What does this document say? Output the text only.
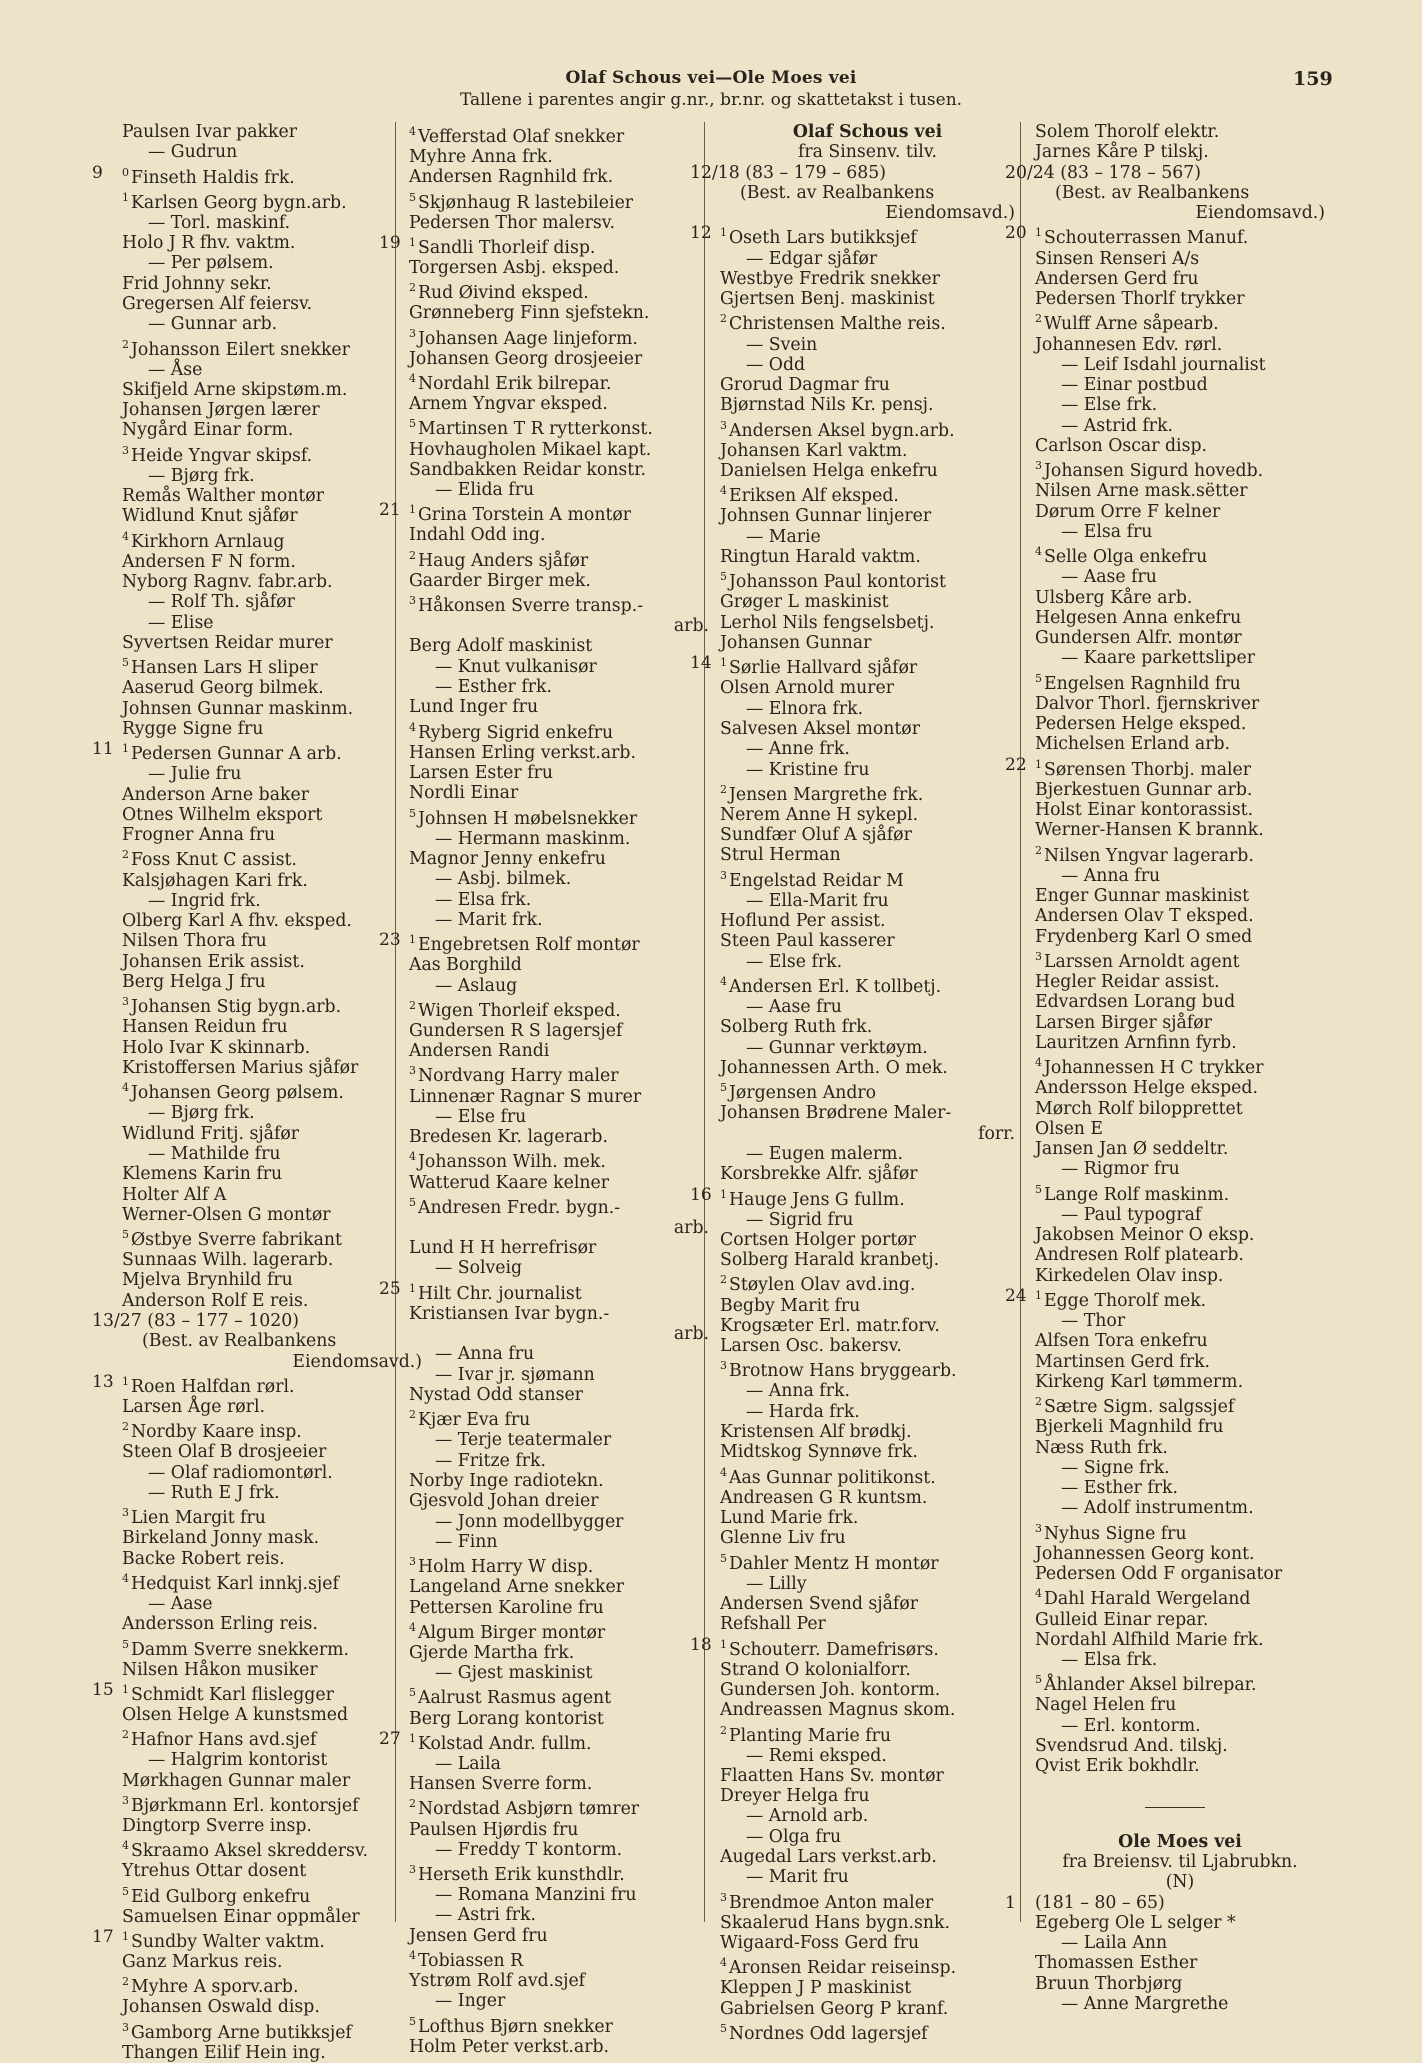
Olaf Schous vei—Ole Moes vei
Tallene i parentes angir g.nr., br.nr. og skattetakst i tusen.
159
Paulsen Ivar pakker
— Gudrun
9 $^0$ Finseth Haldis frk.
$^1$ Karlsen Georg bygn.arb.
— Torl. maskinf.
Holo J R fhv. vaktm.
— Per pølsem.
Frid Johnny sekr.
Gregersen Alf feiersv.
— Gunnar arb.
$^2$ Johansson Eilert snekker
— Åse
Skifjeld Arne skipstøm.m.
Johansen Jørgen lærer
Nygård Einar form.
$^3$ Heide Yngvar skipsf.
— Bjørg frk.
Remås Walther montør
Widlund Knut sjåfør
$^4$ Kirkhorn Arnlaug
Andersen F N form.
Nyborg Ragnv. fabr.arb.
— Rolf Th. sjåfør
— Elise
Syvertsen Reidar murer
$^5$ Hansen Lars H sliper
Aaserud Georg bilmek.
Johnsen Gunnar maskinm.
Rygge Signe fru
11 $^1$ Pedersen Gunnar A arb.
— Julie fru
Anderson Arne baker
Otnes Wilhelm eksport
Frogner Anna fru
$^2$ Foss Knut C assist.
Kalsjøhagen Kari frk.
— Ingrid frk.
Olberg Karl A fhv. eksped.
Nilsen Thora fru
Johansen Erik assist.
Berg Helga J fru
$^3$ Johansen Stig bygn.arb.
Hansen Reidun fru
Holo Ivar K skinnarb.
Kristoffersen Marius sjåfør
$^4$ Johansen Georg pølsem.
— Bjørg frk.
Widlund Fritj. sjåfør
— Mathilde fru
Klemens Karin fru
Holter Alf A
Werner-Olsen G montør
$^5$ Østbye Sverre fabrikant
Sunnaas Wilh. lagerarb.
Mjelva Brynhild fru
Anderson Rolf E reis.
13/27 (83 – 177 – 1020)
(Best. av Realbankens
Eiendomsavd.)
13 $^1$ Roen Halfdan rørl.
Larsen Åge rørl.
$^2$ Nordby Kaare insp.
Steen Olaf B drosjeeier
— Olaf radiomontørl.
— Ruth E J frk.
$^3$ Lien Margit fru
Birkeland Jonny mask.
Backe Robert reis.
$^4$ Hedquist Karl innkj.sjef
— Aase
Andersson Erling reis.
$^5$ Damm Sverre snekkerm.
Nilsen Håkon musiker
15 $^1$ Schmidt Karl flislegger
Olsen Helge A kunstsmed
$^2$ Hafnor Hans avd.sjef
— Halgrim kontorist
Mørkhagen Gunnar maler
$^3$ Bjørkmann Erl. kontorsjef
Dingtorp Sverre insp.
$^4$ Skraamo Aksel skreddersv.
Ytrehus Ottar dosent
$^5$ Eid Gulborg enkefru
Samuelsen Einar oppmåler
17 $^1$ Sundby Walter vaktm.
Ganz Markus reis.
$^2$ Myhre A sporv.arb.
Johansen Oswald disp.
$^3$ Gamborg Arne butikksjef
Thangen Eilif Hein ing.
$^4$ Vefferstad Olaf snekker
Myhre Anna frk.
Andersen Ragnhild frk.
$^5$ Skjønhaug R lastebileier
Pedersen Thor malersv.
19 $^1$ Sandli Thorleif disp.
Torgersen Asbj. eksped.
$^2$ Rud Øivind eksped.
Grønneberg Finn sjefstekn.
$^3$ Johansen Aage linjeform.
Johansen Georg drosjeeier
$^4$ Nordahl Erik bilrepar.
Arnem Yngvar eksped.
$^5$ Martinsen T R rytterkonst.
Hovhaugholen Mikael kapt.
Sandbakken Reidar konstr.
— Elida fru
21 $^1$ Grina Torstein A montør
Indahl Odd ing.
$^2$ Haug Anders sjåfør
Gaarder Birger mek.
$^3$ Håkonsen Sverre transp.-
arb.
Berg Adolf maskinist
— Knut vulkanisør
— Esther frk.
Lund Inger fru
$^4$ Ryberg Sigrid enkefru
Hansen Erling verkst.arb.
Larsen Ester fru
Nordli Einar
$^5$ Johnsen H møbelsnekker
— Hermann maskinm.
Magnor Jenny enkefru
— Asbj. bilmek.
— Elsa frk.
— Marit frk.
23 $^1$ Engebretsen Rolf montør
Aas Borghild
— Aslaug
$^2$ Wigen Thorleif eksped.
Gundersen R S lagersjef
Andersen Randi
$^3$ Nordvang Harry maler
Linnenær Ragnar S murer
— Else fru
Bredesen Kr. lagerarb.
$^4$ Johansson Wilh. mek.
Watterud Kaare kelner
$^5$ Andresen Fredr. bygn.-
arb.
Lund H H herrefrisør
— Solveig
25 $^1$ Hilt Chr. journalist
Kristiansen Ivar bygn.-
arb.
— Anna fru
— Ivar jr. sjømann
Nystad Odd stanser
$^2$ Kjær Eva fru
— Terje teatermaler
— Fritze frk.
Norby Inge radiotekn.
Gjesvold Johan dreier
— Jonn modellbygger
— Finn
$^3$ Holm Harry W disp.
Langeland Arne snekker
Pettersen Karoline fru
$^4$ Algum Birger montør
Gjerde Martha frk.
— Gjest maskinist
$^5$ Aalrust Rasmus agent
Berg Lorang kontorist
27 $^1$ Kolstad Andr. fullm.
— Laila
Hansen Sverre form.
$^2$ Nordstad Asbjørn tømrer
Paulsen Hjørdis fru
— Freddy T kontorm.
$^3$ Herseth Erik kunsthdlr.
— Romana Manzini fru
— Astri frk.
Jensen Gerd fru
$^4$ Tobiassen R
Ystrøm Rolf avd.sjef
— Inger
$^5$ Lofthus Bjørn snekker
Holm Peter verkst.arb.
Olaf Schous vei
fra Sinsenv. tilv.
12/18 (83 – 179 – 685)
(Best. av Realbankens
Eiendomsavd.)
12 $^1$ Oseth Lars butikksjef
— Edgar sjåfør
Westbye Fredrik snekker
Gjertsen Benj. maskinist
$^2$ Christensen Malthe reis.
— Svein
— Odd
Grorud Dagmar fru
Bjørnstad Nils Kr. pensj.
$^3$ Andersen Aksel bygn.arb.
Johansen Karl vaktm.
Danielsen Helga enkefru
$^4$ Eriksen Alf eksped.
Johnsen Gunnar linjerer
— Marie
Ringtun Harald vaktm.
$^5$ Johansson Paul kontorist
Grøger L maskinist
Lerhol Nils fengselsbetj.
Johansen Gunnar
14 $^1$ Sørlie Hallvard sjåfør
Olsen Arnold murer
— Elnora frk.
Salvesen Aksel montør
— Anne frk.
— Kristine fru
$^2$ Jensen Margrethe frk.
Nerem Anne H sykepl.
Sundfær Oluf A sjåfør
Strul Herman
$^3$ Engelstad Reidar M
— Ella-Marit fru
Hoflund Per assist.
Steen Paul kasserer
— Else frk.
$^4$ Andersen Erl. K tollbetj.
— Aase fru
Solberg Ruth frk.
— Gunnar verktøym.
Johannessen Arth. O mek.
$^5$ Jørgensen Andro
Johansen Brødrene Maler-
forr.
— Eugen malerm.
Korsbrekke Alfr. sjåfør
16 $^1$ Hauge Jens G fullm.
— Sigrid fru
Cortsen Holger portør
Solberg Harald kranbetj.
$^2$ Støylen Olav avd.ing.
Begby Marit fru
Krogsæter Erl. matr.forv.
Larsen Osc. bakersv.
$^3$ Brotnow Hans bryggearb.
— Anna frk.
— Harda frk.
Kristensen Alf brødkj.
Midtskog Synnøve frk.
$^4$ Aas Gunnar politikonst.
Andreasen G R kuntsm.
Lund Marie frk.
Glenne Liv fru
$^5$ Dahler Mentz H montør
— Lilly
Andersen Svend sjåfør
Refshall Per
18 $^1$ Schouterr. Damefrisørs.
Strand O kolonialforr.
Gundersen Joh. kontorm.
Andreassen Magnus skom.
$^2$ Planting Marie fru
— Remi eksped.
Flaatten Hans Sv. montør
Dreyer Helga fru
— Arnold arb.
— Olga fru
Augedal Lars verkst.arb.
— Marit fru
$^3$ Brendmoe Anton maler
Skaalerud Hans bygn.snk.
Wigaard-Foss Gerd fru
$^4$ Aronsen Reidar reiseinsp.
Kleppen J P maskinist
Gabrielsen Georg P kranf.
$^5$ Nordnes Odd lagersjef
Solem Thorolf elektr.
Jarnes Kåre P tilskj.
20/24 (83 – 178 – 567)
(Best. av Realbankens
Eiendomsavd.)
20 $^1$ Schouterrassen Manuf.
Sinsen Renseri A/s
Andersen Gerd fru
Pedersen Thorlf trykker
$^2$ Wulff Arne såpearb.
Johannesen Edv. rørl.
— Leif Isdahl journalist
— Einar postbud
— Else frk.
— Astrid frk.
Carlson Oscar disp.
$^3$ Johansen Sigurd hovedb.
Nilsen Arne mask.sëtter
Dørum Orre F kelner
— Elsa fru
$^4$ Selle Olga enkefru
— Aase fru
Ulsberg Kåre arb.
Helgesen Anna enkefru
Gundersen Alfr. montør
— Kaare parkettsliper
$^5$ Engelsen Ragnhild fru
Dalvor Thorl. fjernskriver
Pedersen Helge eksped.
Michelsen Erland arb.
22 $^1$ Sørensen Thorbj. maler
Bjerkestuen Gunnar arb.
Holst Einar kontorassist.
Werner-Hansen K brannk.
$^2$ Nilsen Yngvar lagerarb.
— Anna fru
Enger Gunnar maskinist
Andersen Olav T eksped.
Frydenberg Karl O smed
$^3$ Larssen Arnoldt agent
Hegler Reidar assist.
Edvardsen Lorang bud
Larsen Birger sjåfør
Lauritzen Arnfinn fyrb.
$^4$ Johannessen H C trykker
Andersson Helge eksped.
Mørch Rolf bilopprettet
Olsen E
Jansen Jan Ø seddeltr.
— Rigmor fru
$^5$ Lange Rolf maskinm.
— Paul typograf
Jakobsen Meinor O eksp.
Andresen Rolf platearb.
Kirkedelen Olav insp.
24 $^1$ Egge Thorolf mek.
— Thor
Alfsen Tora enkefru
Martinsen Gerd frk.
Kirkeng Karl tømmerm.
$^2$ Sætre Sigm. salgssjef
Bjerkeli Magnhild fru
Næss Ruth frk.
— Signe frk.
— Esther frk.
— Adolf instrumentm.
$^3$ Nyhus Signe fru
Johannessen Georg kont.
Pedersen Odd F organisator
$^4$ Dahl Harald Wergeland
Gulleid Einar repar.
Nordahl Alfhild Marie frk.
— Elsa frk.
$^5$ Åhlander Aksel bilrepar.
Nagel Helen fru
— Erl. kontorm.
Svendsrud And. tilskj.
Qvist Erik bokhdlr.
Ole Moes vei
fra Breiensv. til Ljabrubkn.
(N)
1 (181 – 80 – 65)
Egeberg Ole L selger *
— Laila Ann
Thomassen Esther
Bruun Thorbjørg
— Anne Margrethe
